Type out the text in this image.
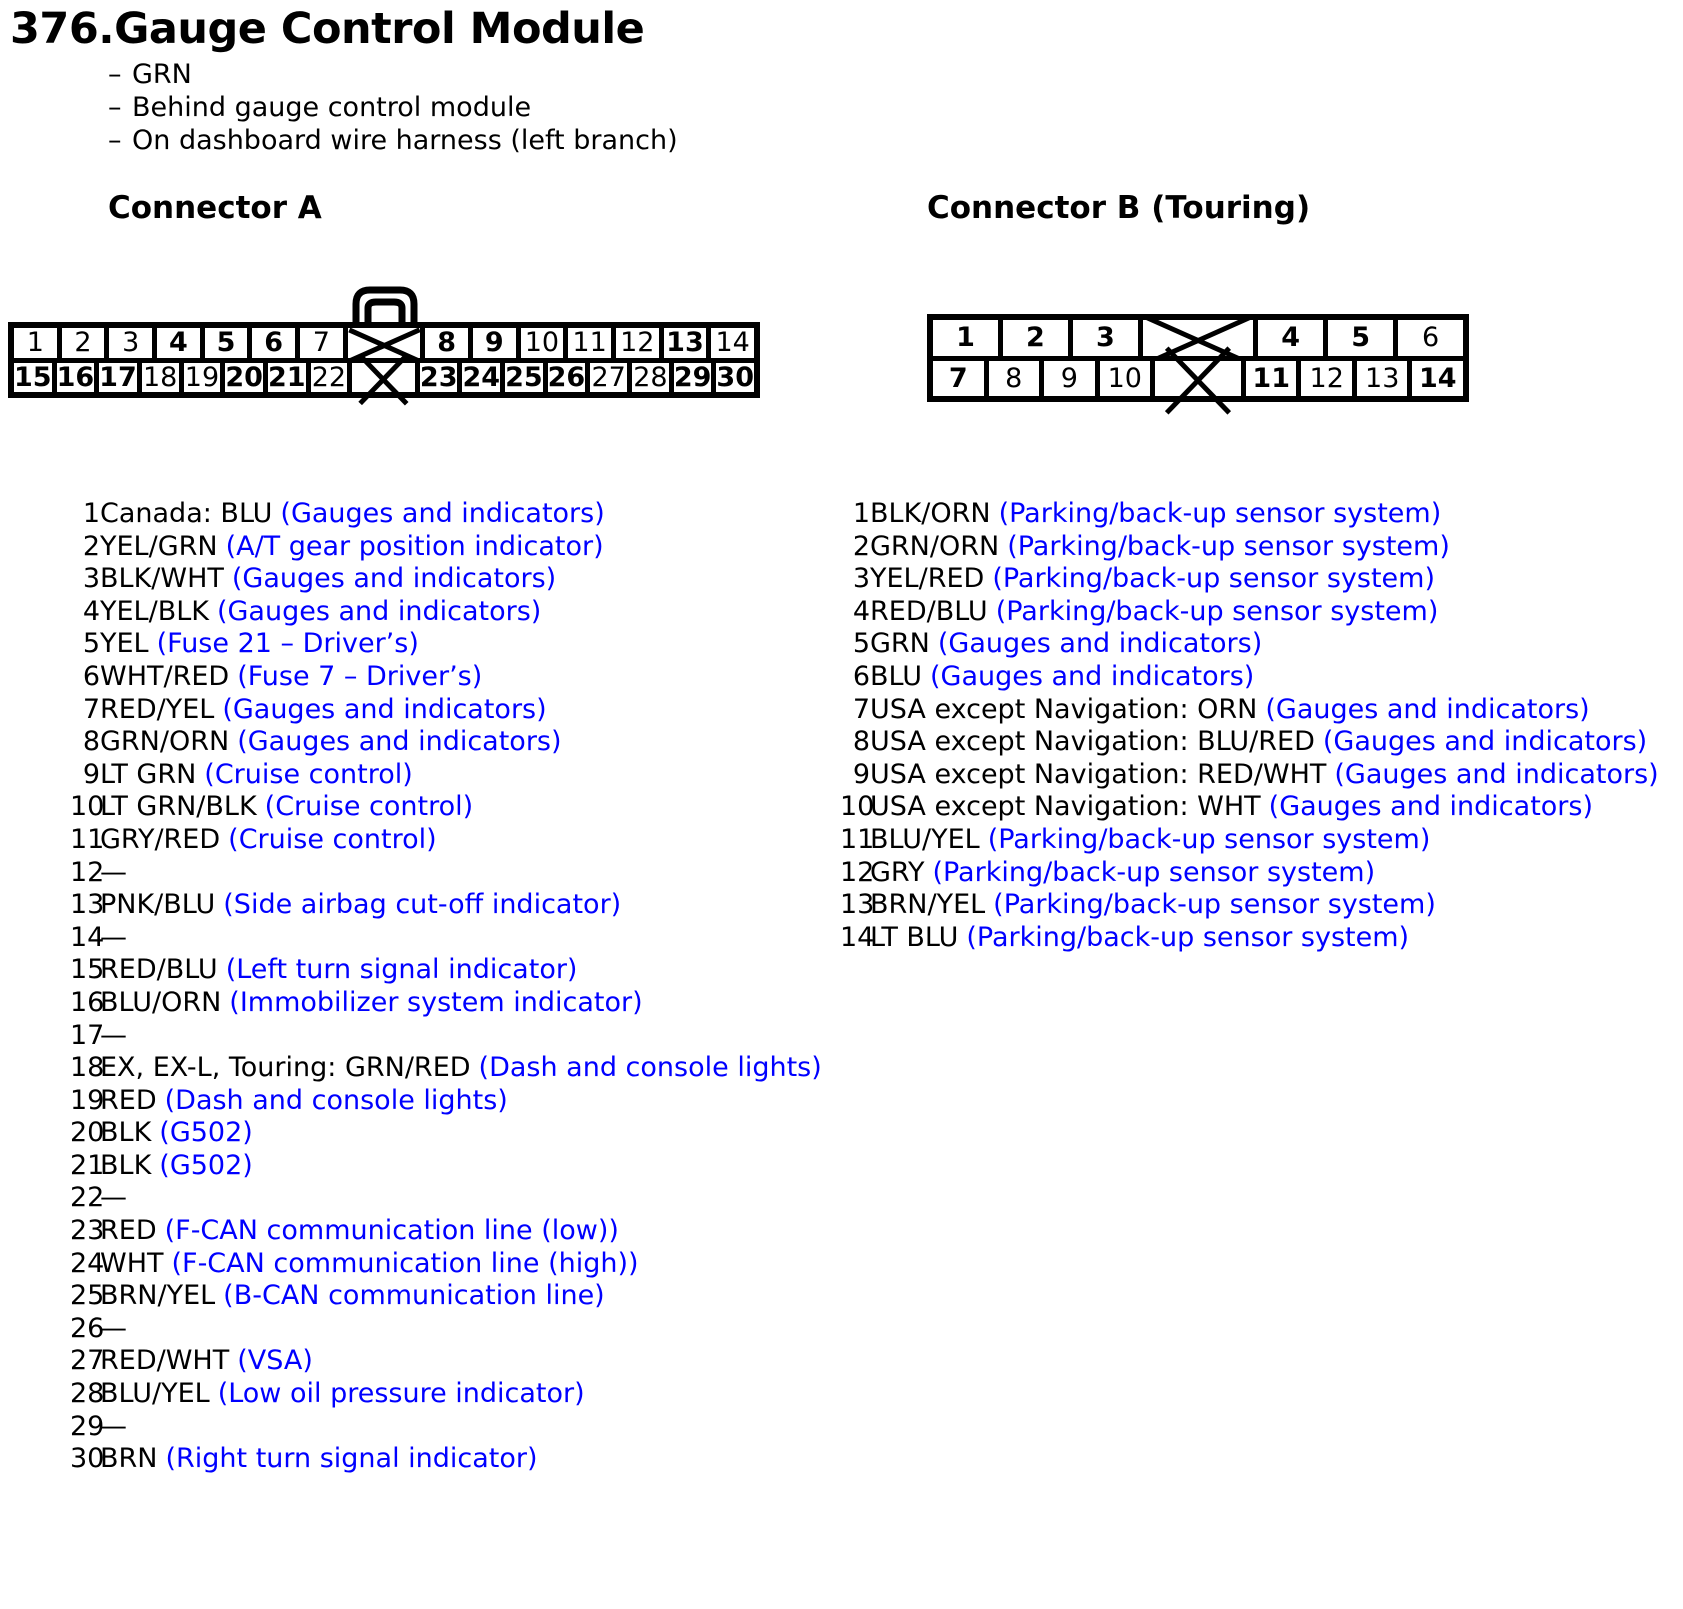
376.Gauge Control Module
– GRN
– Behind gauge control module
– On dashboard wire harness (left branch)
Connector A	Connector B (Touring)
1	2	3	4	5	6	7	8	9 10 11 12 13 14
15 16 17 18 19 20 21 22	23 24 25 26 27 28 29 30
1	2	3	4	5	6
7	8	9	10	11 12 13 14
1Canada: BLU (Gauges and indicators)
2YEL/GRN (A/T gear position indicator)
3BLK/WHT (Gauges and indicators)
4YEL/BLK (Gauges and indicators)
5YEL (Fuse 21 – Driver’s)
6WHT/RED (Fuse 7 – Driver’s)
7RED/YEL (Gauges and indicators)
8GRN/ORN (Gauges and indicators)
9LT GRN (Cruise control)
10LT GRN/BLK (Cruise control)
11GRY/RED (Cruise control)
12—
13PNK/BLU (Side airbag cut-off indicator)
14—
15RED/BLU (Left turn signal indicator)
16BLU/ORN (Immobilizer system indicator)
17—
18EX, EX-L, Touring: GRN/RED (Dash and console lights)
19RED (Dash and console lights)
20BLK (G502)
21BLK (G502)
22—
23RED (F-CAN communication line (low))
24WHT (F-CAN communication line (high))
25BRN/YEL (B-CAN communication line)
26—
27RED/WHT (VSA)
28BLU/YEL (Low oil pressure indicator)
29—
30BRN (Right turn signal indicator)
1BLK/ORN (Parking/back-up sensor system)
2GRN/ORN (Parking/back-up sensor system)
3YEL/RED (Parking/back-up sensor system)
4RED/BLU (Parking/back-up sensor system)
5GRN (Gauges and indicators)
6BLU (Gauges and indicators)
7USA except Navigation: ORN (Gauges and indicators)
8USA except Navigation: BLU/RED (Gauges and indicators)
9USA except Navigation: RED/WHT (Gauges and indicators)
10USA except Navigation: WHT (Gauges and indicators)
11BLU/YEL (Parking/back-up sensor system)
12GRY (Parking/back-up sensor system)
13BRN/YEL (Parking/back-up sensor system)
14LT BLU (Parking/back-up sensor system)
